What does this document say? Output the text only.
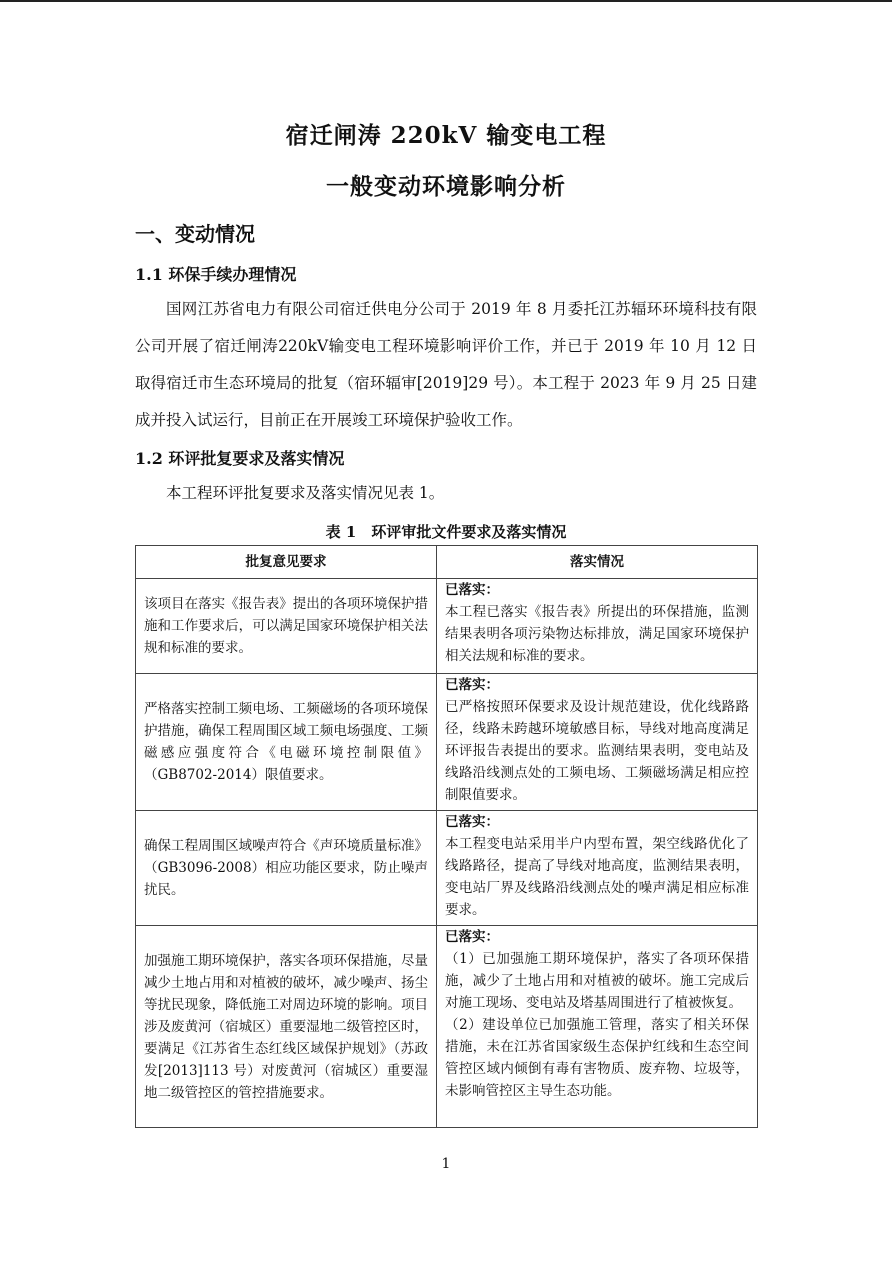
宿迁闸涛 220kV 输变电工程
一般变动环境影响分析
一、变动情况
1.1 环保手续办理情况
国网江苏省电力有限公司宿迁供电分公司于 2019 年 8 月委托江苏辐环环境科技有限公司开展了宿迁闸涛220kV输变电工程环境影响评价工作，并已于 2019 年 10 月 12 日取得宿迁市生态环境局的批复（宿环辐审[2019]29 号）。本工程于 2023 年 9 月 25 日建成并投入试运行，目前正在开展竣工环境保护验收工作。
1.2 环评批复要求及落实情况
本工程环评批复要求及落实情况见表 1。
表 1　环评审批文件要求及落实情况
批复意见要求	落实情况
该项目在落实《报告表》提出的各项环境保护措施和工作要求后，可以满足国家环境保护相关法规和标准的要求。	已落实：
本工程已落实《报告表》所提出的环保措施，监测结果表明各项污染物达标排放，满足国家环境保护相关法规和标准的要求。

严格落实控制工频电场、工频磁场的各项环境保护措施，确保工程周围区域工频电场强度、工频磁感应强度符合《电磁环境控制限值》（GB8702-2014）限值要求。	已落实：
已严格按照环保要求及设计规范建设，优化线路路径，线路未跨越环境敏感目标，导线对地高度满足环评报告表提出的要求。监测结果表明，变电站及线路沿线测点处的工频电场、工频磁场满足相应控制限值要求。

确保工程周围区域噪声符合《声环境质量标准》（GB3096-2008）相应功能区要求，防止噪声扰民。	已落实：
本工程变电站采用半户内型布置，架空线路优化了线路路径，提高了导线对地高度，监测结果表明，变电站厂界及线路沿线测点处的噪声满足相应标准要求。

加强施工期环境保护，落实各项环保措施，尽量减少土地占用和对植被的破坏，减少噪声、扬尘等扰民现象，降低施工对周边环境的影响。项目涉及废黄河（宿城区）重要湿地二级管控区时，要满足《江苏省生态红线区域保护规划》（苏政发[2013]113 号）对废黄河（宿城区）重要湿地二级管控区的管控措施要求。	已落实：
（1）已加强施工期环境保护，落实了各项环保措施，减少了土地占用和对植被的破坏。施工完成后对施工现场、变电站及塔基周围进行了植被恢复。
（2）建设单位已加强施工管理，落实了相关环保措施，未在江苏省国家级生态保护红线和生态空间管控区域内倾倒有毒有害物质、废弃物、垃圾等，未影响管控区主导生态功能。
1
